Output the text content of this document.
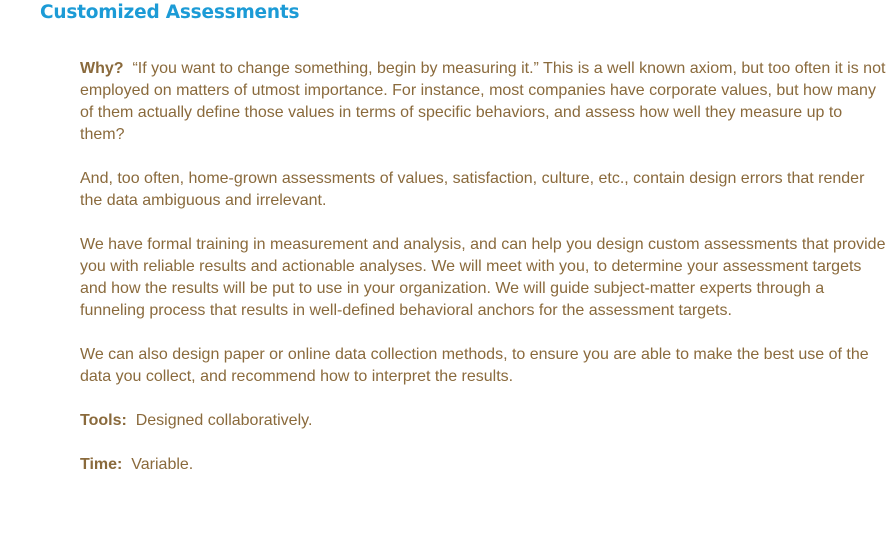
Customized Assessments

Why? “If you want to change something, begin by measuring it.” This is a well known axiom, but too often it is not employed on matters of utmost importance. For instance, most companies have corporate values, but how many of them actually define those values in terms of specific behaviors, and assess how well they measure up to them?

And, too often, home-grown assessments of values, satisfaction, culture, etc., contain design errors that render the data ambiguous and irrelevant.

We have formal training in measurement and analysis, and can help you design custom assessments that provide you with reliable results and actionable analyses. We will meet with you, to determine your assessment targets and how the results will be put to use in your organization. We will guide subject-matter experts through a funneling process that results in well-defined behavioral anchors for the assessment targets.

We can also design paper or online data collection methods, to ensure you are able to make the best use of the data you collect, and recommend how to interpret the results.

Tools: Designed collaboratively.

Time: Variable.
